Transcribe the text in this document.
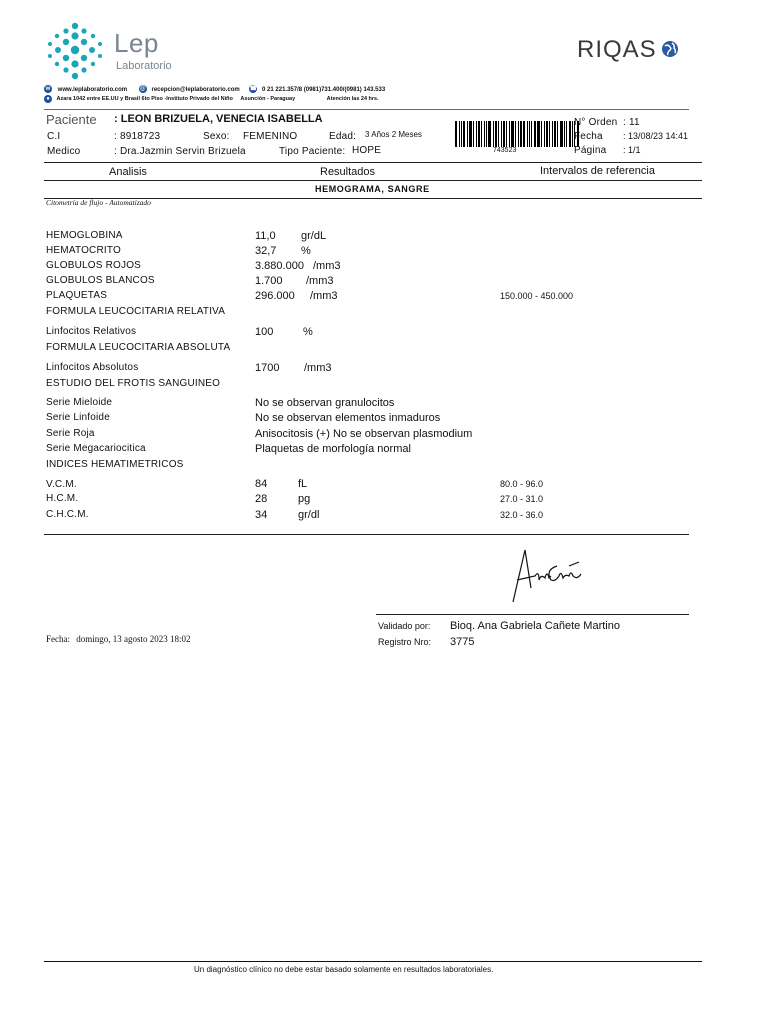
Lep
Laboratorio
RIQAS
w www.leplaboratorio.com @ recepcion@leplaboratorio.com ☎ 0 21 221.357/8 (0981)731.400/(0981) 143.533
● Azara 1042 entre EE.UU y Brasil 6to Piso -Instituto Privado del Niño Asunción - Paraguay	Atención las 24 hrs.
Paciente : LEON BRIZUELA, VENECIA ISABELLA
C.I	: 8918723	Sexo: FEMENINO	Edad: 3 Años 2 Meses
Medico	: Dra.Jazmin Servin Brizuela	Tipo Paciente: HOPE	743523
N° Orden : 11
Fecha : 13/08/23 14:41
Página : 1/1
Analisis	Resultados	Intervalos de referencia
HEMOGRAMA, SANGRE
Citometría de flujo - Automatizado
HEMOGLOBINA	11,0 gr/dL
HEMATOCRITO	32,7 %
GLOBULOS ROJOS	3.880.000 /mm3
GLOBULOS BLANCOS	1.700 /mm3
PLAQUETAS	296.000 /mm3	150.000 - 450.000
FORMULA LEUCOCITARIA RELATIVA
Linfocitos Relativos	100	%
FORMULA LEUCOCITARIA ABSOLUTA
Linfocitos Absolutos	1700 /mm3
ESTUDIO DEL FROTIS SANGUINEO
Serie Mieloide	No se observan granulocitos
Serie Linfoide	No se observan elementos inmaduros
Serie Roja	Anisocitosis (+) No se observan plasmodium
Serie Megacariocitica	Plaquetas de morfología normal
INDICES HEMATIMETRICOS
V.C.M.	84	fL	80.0 - 96.0
H.C.M.	28	pg	27.0 - 31.0
C.H.C.M.	34	gr/dl	32.0 - 36.0
Validado por: Bioq. Ana Gabriela Cañete Martino
Registro Nro: 3775
Fecha: domingo, 13 agosto 2023 18:02
Un diagnóstico clínico no debe estar basado solamente en resultados laboratoriales.
